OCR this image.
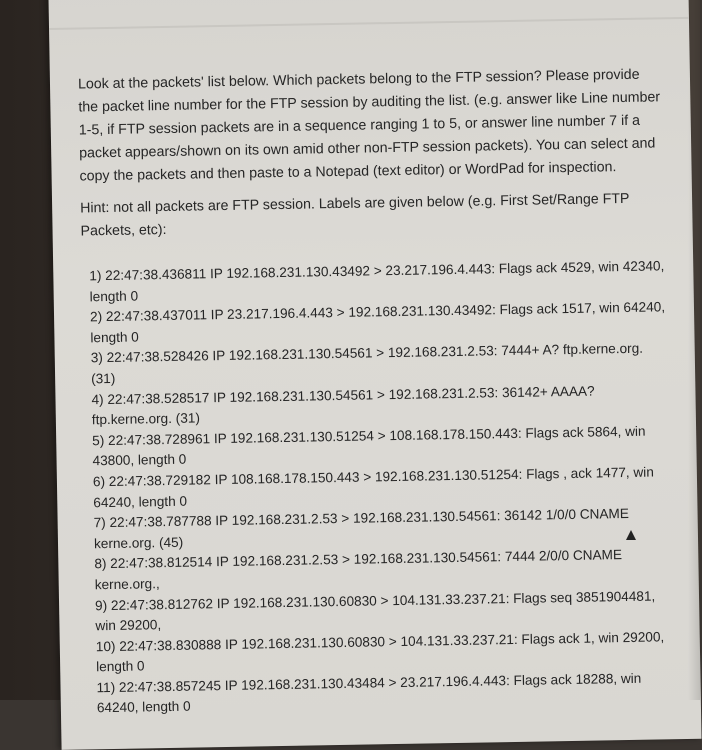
Look at the packets' list below. Which packets belong to the FTP session? Please provide the packet line number for the FTP session by auditing the list. (e.g. answer like Line number 1-5, if FTP session packets are in a sequence ranging 1 to 5, or answer line number 7 if a packet appears/shown on its own amid other non-FTP session packets). You can select and copy the packets and then paste to a Notepad (text editor) or WordPad for inspection.

Hint: not all packets are FTP session. Labels are given below (e.g. First Set/Range FTP Packets, etc):

1) 22:47:38.436811 IP 192.168.231.130.43492 > 23.217.196.4.443: Flags ack 4529, win 42340, length 0
2) 22:47:38.437011 IP 23.217.196.4.443 > 192.168.231.130.43492: Flags ack 1517, win 64240, length 0
3) 22:47:38.528426 IP 192.168.231.130.54561 > 192.168.231.2.53: 7444+ A? ftp.kerne.org. (31)
4) 22:47:38.528517 IP 192.168.231.130.54561 > 192.168.231.2.53: 36142+ AAAA? ftp.kerne.org. (31)
5) 22:47:38.728961 IP 192.168.231.130.51254 > 108.168.178.150.443: Flags ack 5864, win 43800, length 0
6) 22:47:38.729182 IP 108.168.178.150.443 > 192.168.231.130.51254: Flags , ack 1477, win 64240, length 0
7) 22:47:38.787788 IP 192.168.231.2.53 > 192.168.231.130.54561: 36142 1/0/0 CNAME kerne.org. (45)
8) 22:47:38.812514 IP 192.168.231.2.53 > 192.168.231.130.54561: 7444 2/0/0 CNAME kerne.org.,
9) 22:47:38.812762 IP 192.168.231.130.60830 > 104.131.33.237.21: Flags seq 3851904481, win 29200,
10) 22:47:38.830888 IP 192.168.231.130.60830 > 104.131.33.237.21: Flags ack 1, win 29200, length 0
11) 22:47:38.857245 IP 192.168.231.130.43484 > 23.217.196.4.443: Flags ack 18288, win 64240, length 0
